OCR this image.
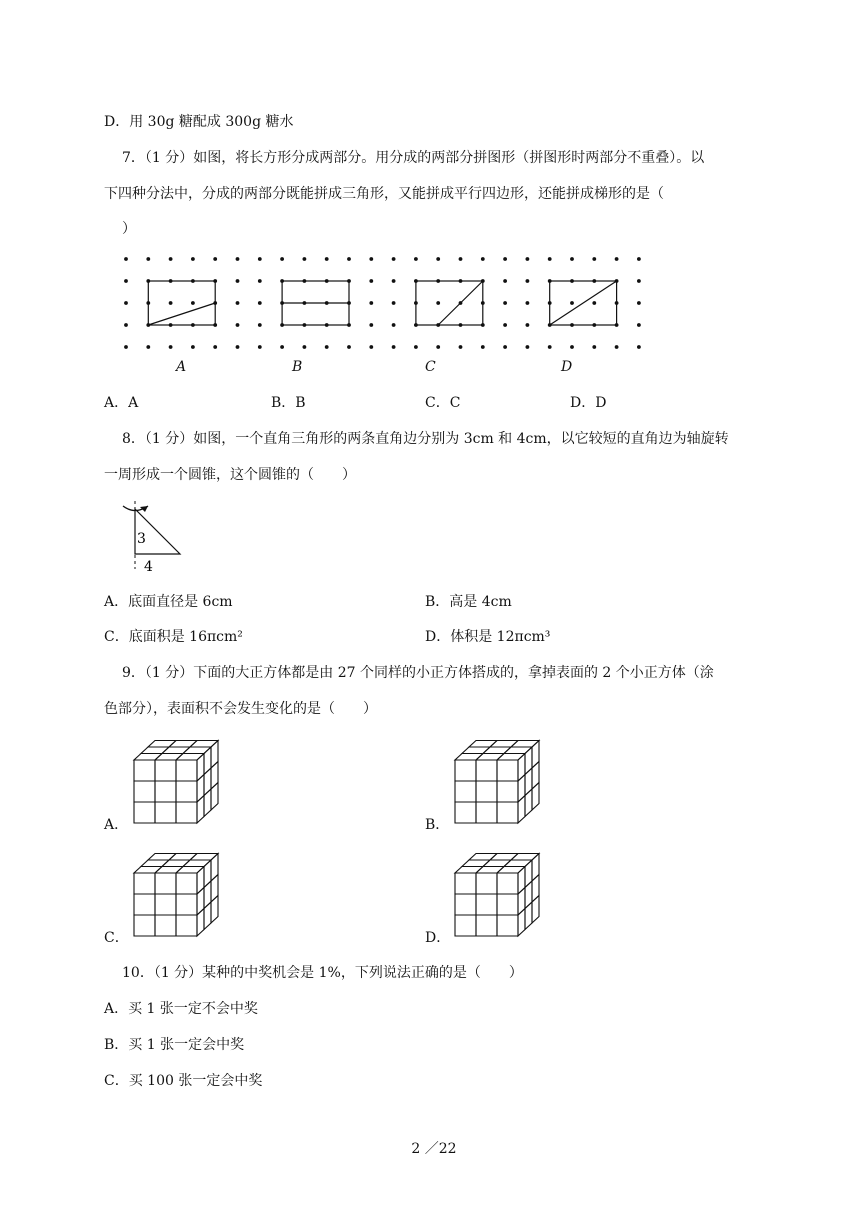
D．用 30g 糖配成 300g 糖水
7．（1 分）如图，将长方形分成两部分。用分成的两部分拼图形（拼图形时两部分不重叠）。以
下四种分法中，分成的两部分既能拼成三角形，又能拼成平行四边形，还能拼成梯形的是（
）
A	B	C	D
A．A	B．B	C．C	D．D
8．（1 分）如图，一个直角三角形的两条直角边分别为 3cm 和 4cm，以它较短的直角边为轴旋转
一周形成一个圆锥，这个圆锥的（　　）
3
4
A．底面直径是 6cm	B．高是 4cm
C．底面积是 16πcm²	D．体积是 12πcm³
9．（1 分）下面的大正方体都是由 27 个同样的小正方体搭成的，拿掉表面的 2 个小正方体（涂
色部分），表面积不会发生变化的是（　　）
A．	B．
C．	D．
10．（1 分）某种的中奖机会是 1%，下列说法正确的是（　　）
A．买 1 张一定不会中奖
B．买 1 张一定会中奖
C．买 100 张一定会中奖
2 ／22
